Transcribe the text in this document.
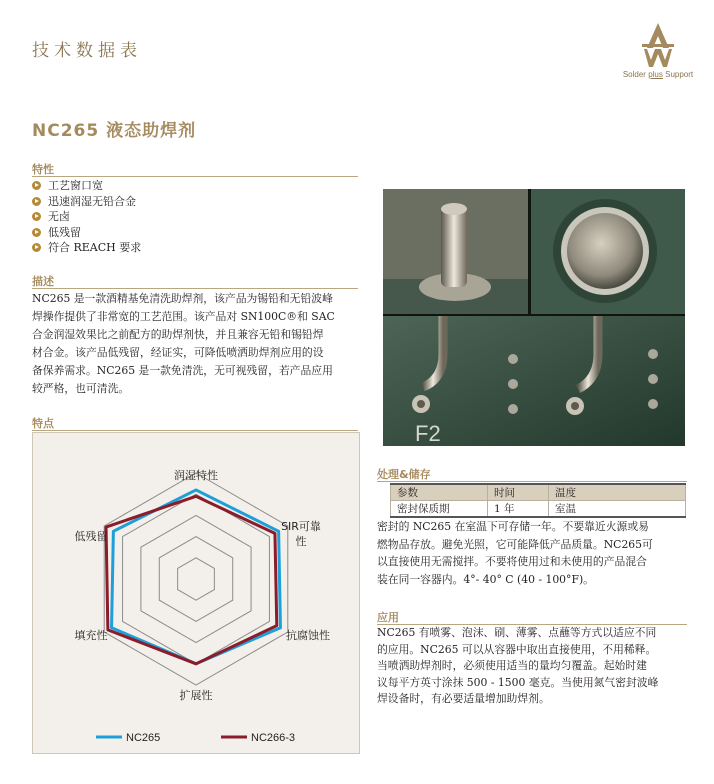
技术数据表
Solder plus Support
NC265 液态助焊剂
特性
工艺窗口宽
迅速润湿无铅合金
无卤
低残留
符合 REACH 要求
描述
NC265 是一款酒精基免清洗助焊剂，该产品为锡铅和无铅波峰
焊操作提供了非常宽的工艺范围。该产品对 SN100C®和 SAC
合金润湿效果比之前配方的助焊剂快，并且兼容无铅和锡铅焊
材合金。该产品低残留，经证实，可降低喷洒助焊剂应用的设
备保养需求。NC265 是一款免清洗，无可视残留，若产品应用
较严格，也可清洗。
F2
特点
润湿特性
SIR可靠性
抗腐蚀性
扩展性
填充性
低残留
NC265	NC266-3
处理&储存
参数	时间	温度
密封保质期	1 年	室温
密封的 NC265 在室温下可存储一年。不要靠近火源或易
燃物品存放。避免光照，它可能降低产品质量。NC265可
以直接使用无需搅拌。不要将使用过和未使用的产品混合
装在同一容器内。4°- 40° C (40 - 100°F)。
应用
NC265 有喷雾、泡沫、刷、薄雾、点蘸等方式以适应不同
的应用。NC265 可以从容器中取出直接使用，不用稀释。
当喷洒助焊剂时，必须使用适当的量均匀覆盖。起始时建
议每平方英寸涂抹 500 - 1500 毫克。当使用氮气密封波峰
焊设备时，有必要适量增加助焊剂。
